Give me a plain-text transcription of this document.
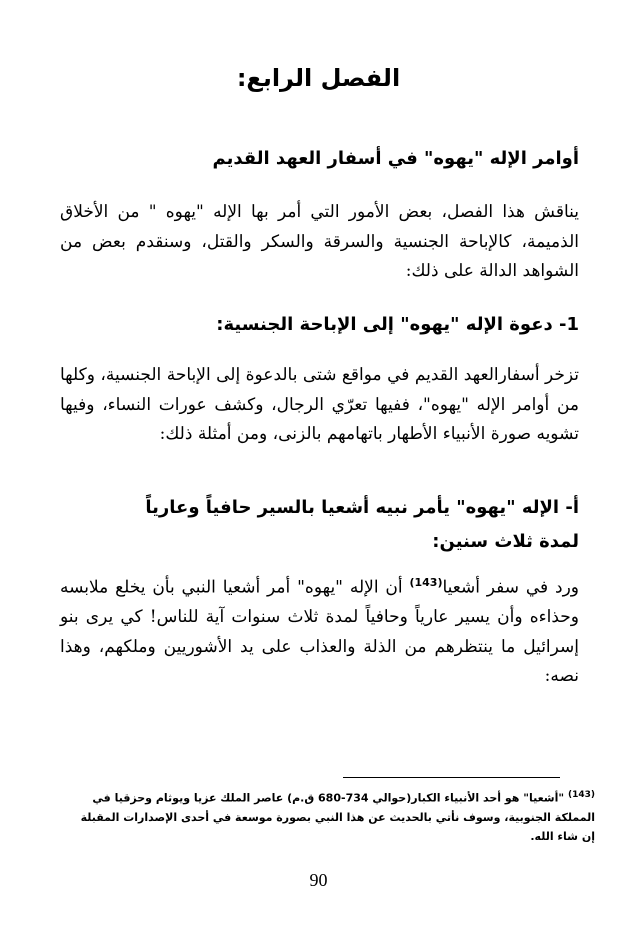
الفصل الرابع:
أوامر الإله "يهوه" في أسفار العهد القديم
يناقش هذا الفصل، بعض الأمور التي أمر بها الإله "يهوه " من الأخلاق الذميمة، كالإباحة الجنسية والسرقة والسكر والقتل، وسنقدم بعض من الشواهد الدالة على ذلك:
1- دعوة الإله "يهوه" إلى الإباحة الجنسية:
تزخر أسفارالعهد القديم في مواقع شتى بالدعوة إلى الإباحة الجنسية، وكلها من أوامر الإله "يهوه"، ففيها تعرّي الرجال، وكشف عورات النساء، وفيها تشويه صورة الأنبياء الأطهار باتهامهم بالزنى، ومن أمثلة ذلك:
أ- الإله "يهوه" يأمر نبيه أشعيا بالسير حافياً وعارياً لمدة ثلاث سنين:
ورد في سفر أشعيا$^{(143)}$ أن الإله "يهوه" أمر أشعيا النبي بأن يخلع ملابسه وحذاءه وأن يسير عارياً وحافياً لمدة ثلاث سنوات آية للناس! كي يرى بنو إسرائيل ما ينتظرهم من الذلة والعذاب على يد الأشوريين وملكهم، وهذا نصه:
$^{(143)}$ "أشعيا" هو أحد الأنبياء الكبار(حوالي 734-680 ق.م) عاصر الملك عزيا ويوثام وحزقيا في المملكة الجنوبية، وسوف نأتي بالحديث عن هذا النبي بصورة موسعة في أحدى الإصدارات المقبلة إن شاء الله.
90
